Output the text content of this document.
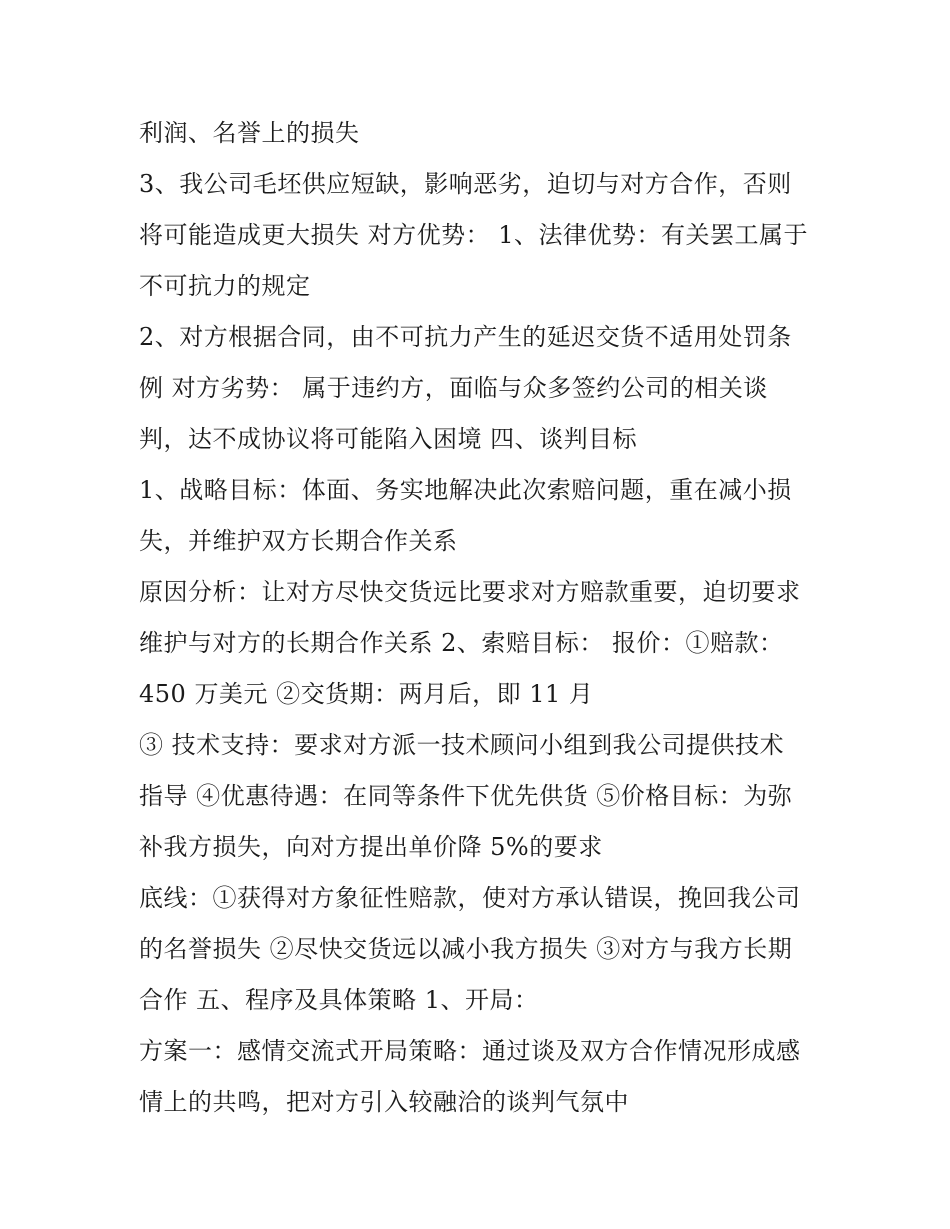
利润、名誉上的损失
3、我公司毛坯供应短缺，影响恶劣，迫切与对方合作，否则
将可能造成更大损失 对方优势： 1、法律优势：有关罢工属于
不可抗力的规定
2、对方根据合同，由不可抗力产生的延迟交货不适用处罚条
例 对方劣势： 属于违约方，面临与众多签约公司的相关谈
判，达不成协议将可能陷入困境 四、谈判目标
1、战略目标：体面、务实地解决此次索赔问题，重在减小损
失，并维护双方长期合作关系
原因分析：让对方尽快交货远比要求对方赔款重要，迫切要求
维护与对方的长期合作关系 2、索赔目标： 报价：①赔款：
450 万美元 ②交货期：两月后，即 11 月
③ 技术支持：要求对方派一技术顾问小组到我公司提供技术
指导 ④优惠待遇：在同等条件下优先供货 ⑤价格目标：为弥
补我方损失，向对方提出单价降 5%的要求
底线：①获得对方象征性赔款，使对方承认错误，挽回我公司
的名誉损失 ②尽快交货远以减小我方损失 ③对方与我方长期
合作 五、程序及具体策略 1、开局：
方案一：感情交流式开局策略：通过谈及双方合作情况形成感
情上的共鸣，把对方引入较融洽的谈判气氛中
